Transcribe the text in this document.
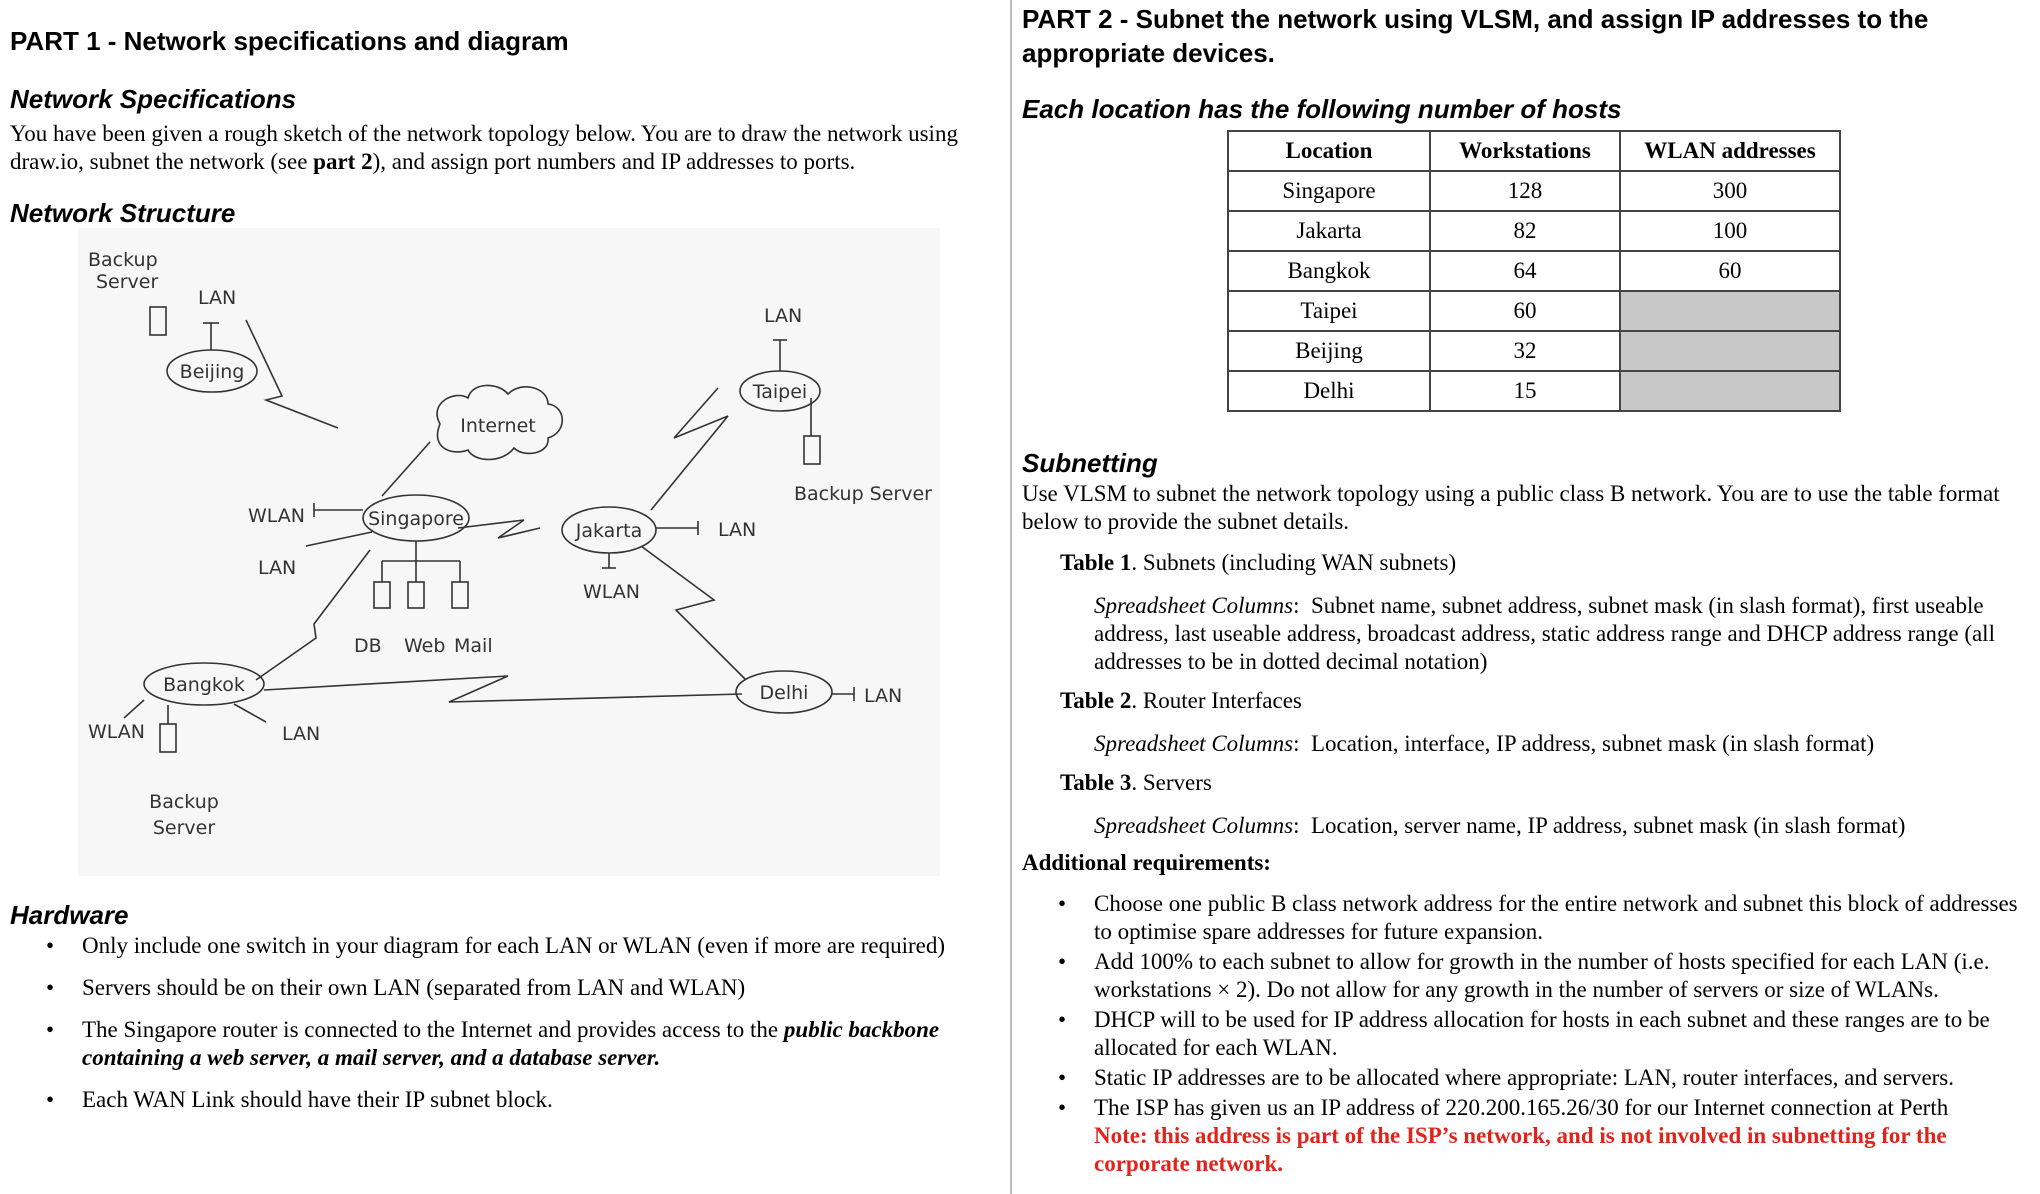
PART 1 - Network specifications and diagram
Network Specifications
You have been given a rough sketch of the network topology below. You are to draw the network using draw.io, subnet the network (see part 2), and assign port numbers and IP addresses to ports.
Network Structure
Beijing
Singapore
Jakarta
Taipei
Bangkok	Delhi
Internet
Backup
Server
LAN
LAN
Backup Server
WLAN
LAN
DB Web Mail
LAN
WLAN
LAN
WLAN	LAN
Backup
Server
Hardware
• Only include one switch in your diagram for each LAN or WLAN (even if more are required)
• Servers should be on their own LAN (separated from LAN and WLAN)
• The Singapore router is connected to the Internet and provides access to the public backbone containing a web server, a mail server, and a database server.
• Each WAN Link should have their IP subnet block.
PART 2 - Subnet the network using VLSM, and assign IP addresses to the appropriate devices.
Each location has the following number of hosts
Location	Workstations	WLAN addresses
Singapore	128	300
Jakarta	82	100
Bangkok	64	60
Taipei	60	
Beijing	32	
Delhi	15	
Subnetting
Use VLSM to subnet the network topology using a public class B network. You are to use the table format below to provide the subnet details.
Table 1. Subnets (including WAN subnets)
Spreadsheet Columns:  Subnet name, subnet address, subnet mask (in slash format), first useable address, last useable address, broadcast address, static address range and DHCP address range (all addresses to be in dotted decimal notation)
Table 2. Router Interfaces
Spreadsheet Columns:  Location, interface, IP address, subnet mask (in slash format)
Table 3. Servers
Spreadsheet Columns:  Location, server name, IP address, subnet mask (in slash format)
Additional requirements:
• Choose one public B class network address for the entire network and subnet this block of addresses to optimise spare addresses for future expansion.
• Add 100% to each subnet to allow for growth in the number of hosts specified for each LAN (i.e. workstations × 2). Do not allow for any growth in the number of servers or size of WLANs.
• DHCP will to be used for IP address allocation for hosts in each subnet and these ranges are to be allocated for each WLAN.
• Static IP addresses are to be allocated where appropriate: LAN, router interfaces, and servers.
• The ISP has given us an IP address of 220.200.165.26/30 for our Internet connection at Perth
Note: this address is part of the ISP’s network, and is not involved in subnetting for the corporate network.
